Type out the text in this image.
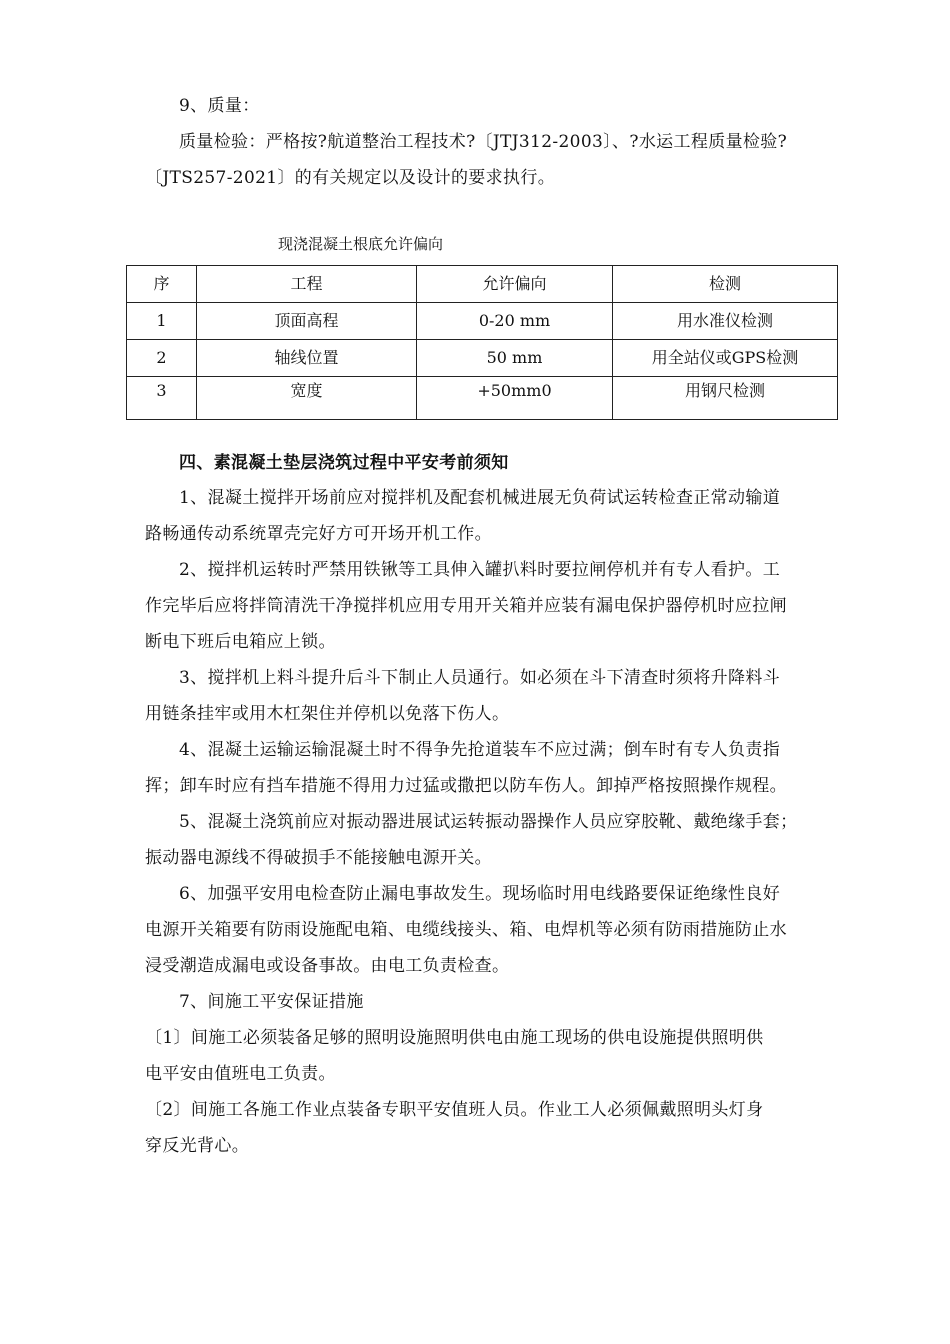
9、质量：
质量检验：严格按?航道整治工程技术?〔JTJ312-2003〕、?水运工程质量检验?
〔JTS257-2021〕的有关规定以及设计的要求执行。
现浇混凝土根底允许偏向
序	工程	允许偏向	检测
1	顶面高程	0-20 mm	用水准仪检测
2	轴线位置	50 mm	用全站仪或GPS检测
3	宽度	+50mm0	用钢尺检测
四、素混凝土垫层浇筑过程中平安考前须知
1、混凝土搅拌开场前应对搅拌机及配套机械进展无负荷试运转检查正常动输道
路畅通传动系统罩壳完好方可开场开机工作。
2、搅拌机运转时严禁用铁锹等工具伸入罐扒料时要拉闸停机并有专人看护。工
作完毕后应将拌筒清洗干净搅拌机应用专用开关箱并应装有漏电保护器停机时应拉闸
断电下班后电箱应上锁。
3、搅拌机上料斗提升后斗下制止人员通行。如必须在斗下清查时须将升降料斗
用链条挂牢或用木杠架住并停机以免落下伤人。
4、混凝土运输运输混凝土时不得争先抢道装车不应过满；倒车时有专人负责指
挥；卸车时应有挡车措施不得用力过猛或撒把以防车伤人。卸掉严格按照操作规程。
5、混凝土浇筑前应对振动器进展试运转振动器操作人员应穿胶靴、戴绝缘手套；
振动器电源线不得破损手不能接触电源开关。
6、加强平安用电检查防止漏电事故发生。现场临时用电线路要保证绝缘性良好
电源开关箱要有防雨设施配电箱、电缆线接头、箱、电焊机等必须有防雨措施防止水
浸受潮造成漏电或设备事故。由电工负责检查。
7、间施工平安保证措施
〔1〕间施工必须装备足够的照明设施照明供电由施工现场的供电设施提供照明供
电平安由值班电工负责。
〔2〕间施工各施工作业点装备专职平安值班人员。作业工人必须佩戴照明头灯身
穿反光背心。
